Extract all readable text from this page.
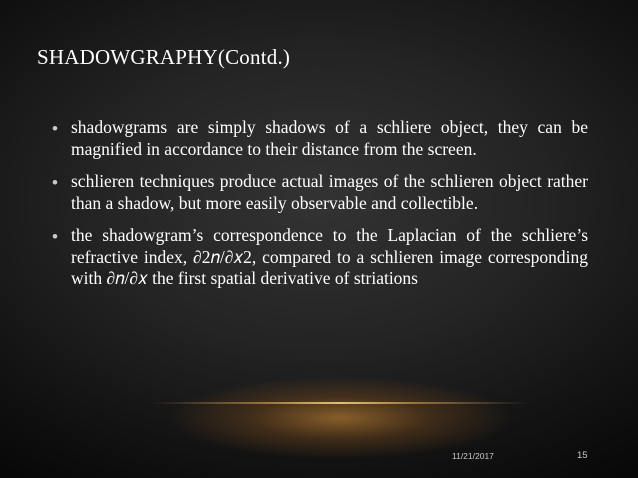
SHADOWGRAPHY(Contd.)
• shadowgrams are simply shadows of a schliere object, they can be magnified in accordance to their distance from the screen.
• schlieren techniques produce actual images of the schlieren object rather than a shadow, but more easily observable and collectible.
• the shadowgram’s correspondence to the Laplacian of the schliere’s refractive index, ∂2𝑛/∂𝑥2, compared to a schlieren image corresponding with ∂𝑛/∂𝑥 the first spatial derivative of striations
11/21/2017	15
